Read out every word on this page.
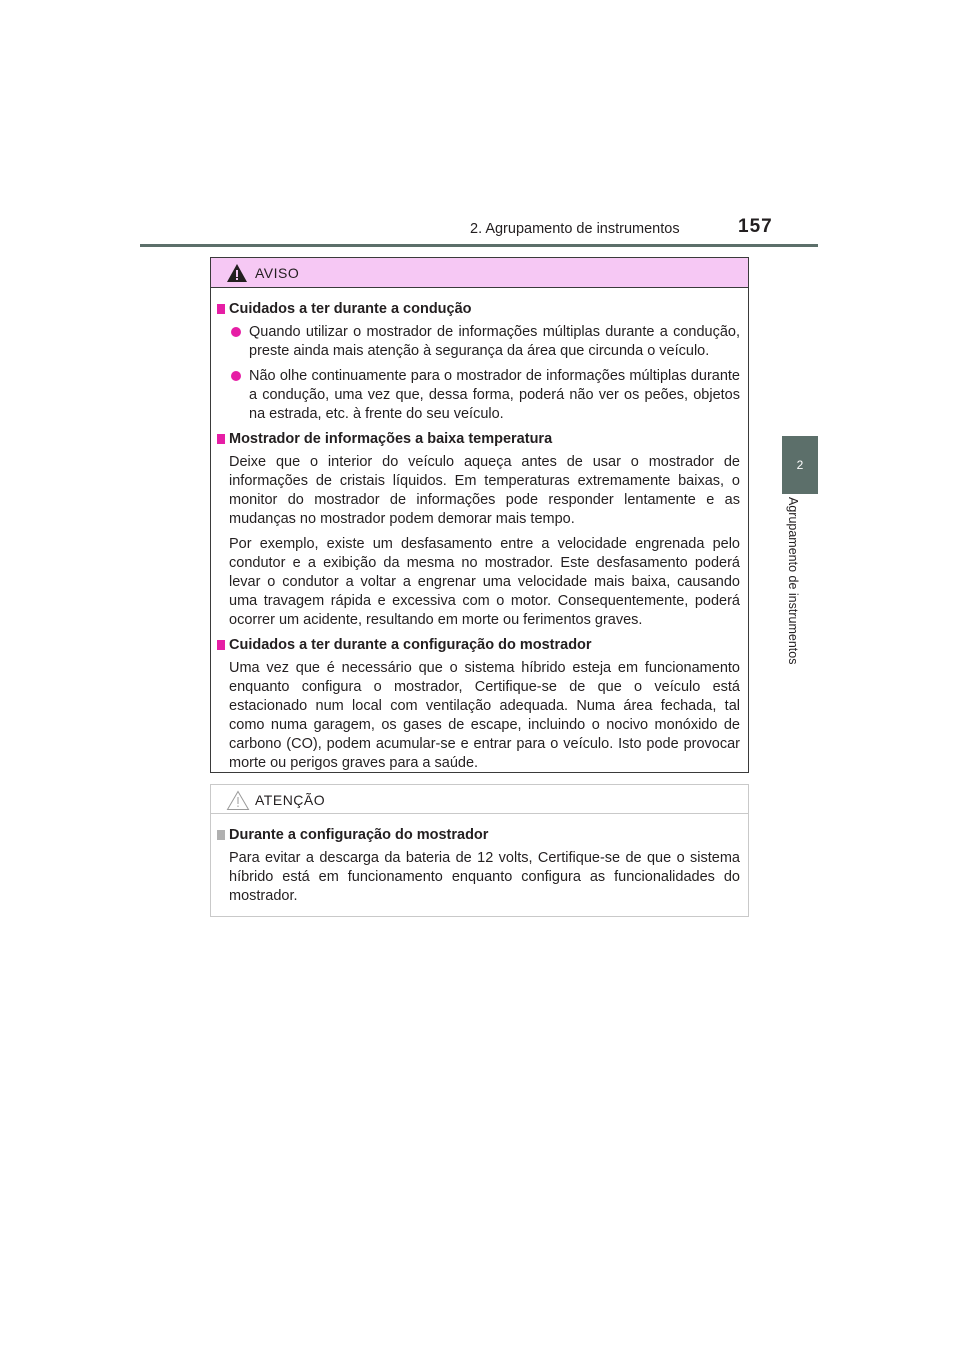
2. Agrupamento de instrumentos	157
2
Agrupamento de instrumentos
AVISO
Cuidados a ter durante a condução
Quando utilizar o mostrador de informações múltiplas durante a condução, preste ainda mais atenção à segurança da área que circunda o veículo.
Não olhe continuamente para o mostrador de informações múltiplas durante a condução, uma vez que, dessa forma, poderá não ver os peões, objetos na estrada, etc. à frente do seu veículo.
Mostrador de informações a baixa temperatura
Deixe que o interior do veículo aqueça antes de usar o mostrador de informações de cristais líquidos. Em temperaturas extremamente baixas, o monitor do mostrador de informações pode responder lentamente e as mudanças no mostrador podem demorar mais tempo.
Por exemplo, existe um desfasamento entre a velocidade engrenada pelo condutor e a exibição da mesma no mostrador. Este desfasamento poderá levar o condutor a voltar a engrenar uma velocidade mais baixa, causando uma travagem rápida e excessiva com o motor. Consequentemente, poderá ocorrer um acidente, resultando em morte ou ferimentos graves.
Cuidados a ter durante a configuração do mostrador
Uma vez que é necessário que o sistema híbrido esteja em funcionamento enquanto configura o mostrador, Certifique-se de que o veículo está estacionado num local com ventilação adequada. Numa área fechada, tal como numa garagem, os gases de escape, incluindo o nocivo monóxido de carbono (CO), podem acumular-se e entrar para o veículo. Isto pode provocar morte ou perigos graves para a saúde.
ATENÇÃO
Durante a configuração do mostrador
Para evitar a descarga da bateria de 12 volts, Certifique-se de que o sistema híbrido está em funcionamento enquanto configura as funcionalidades do mostrador.
